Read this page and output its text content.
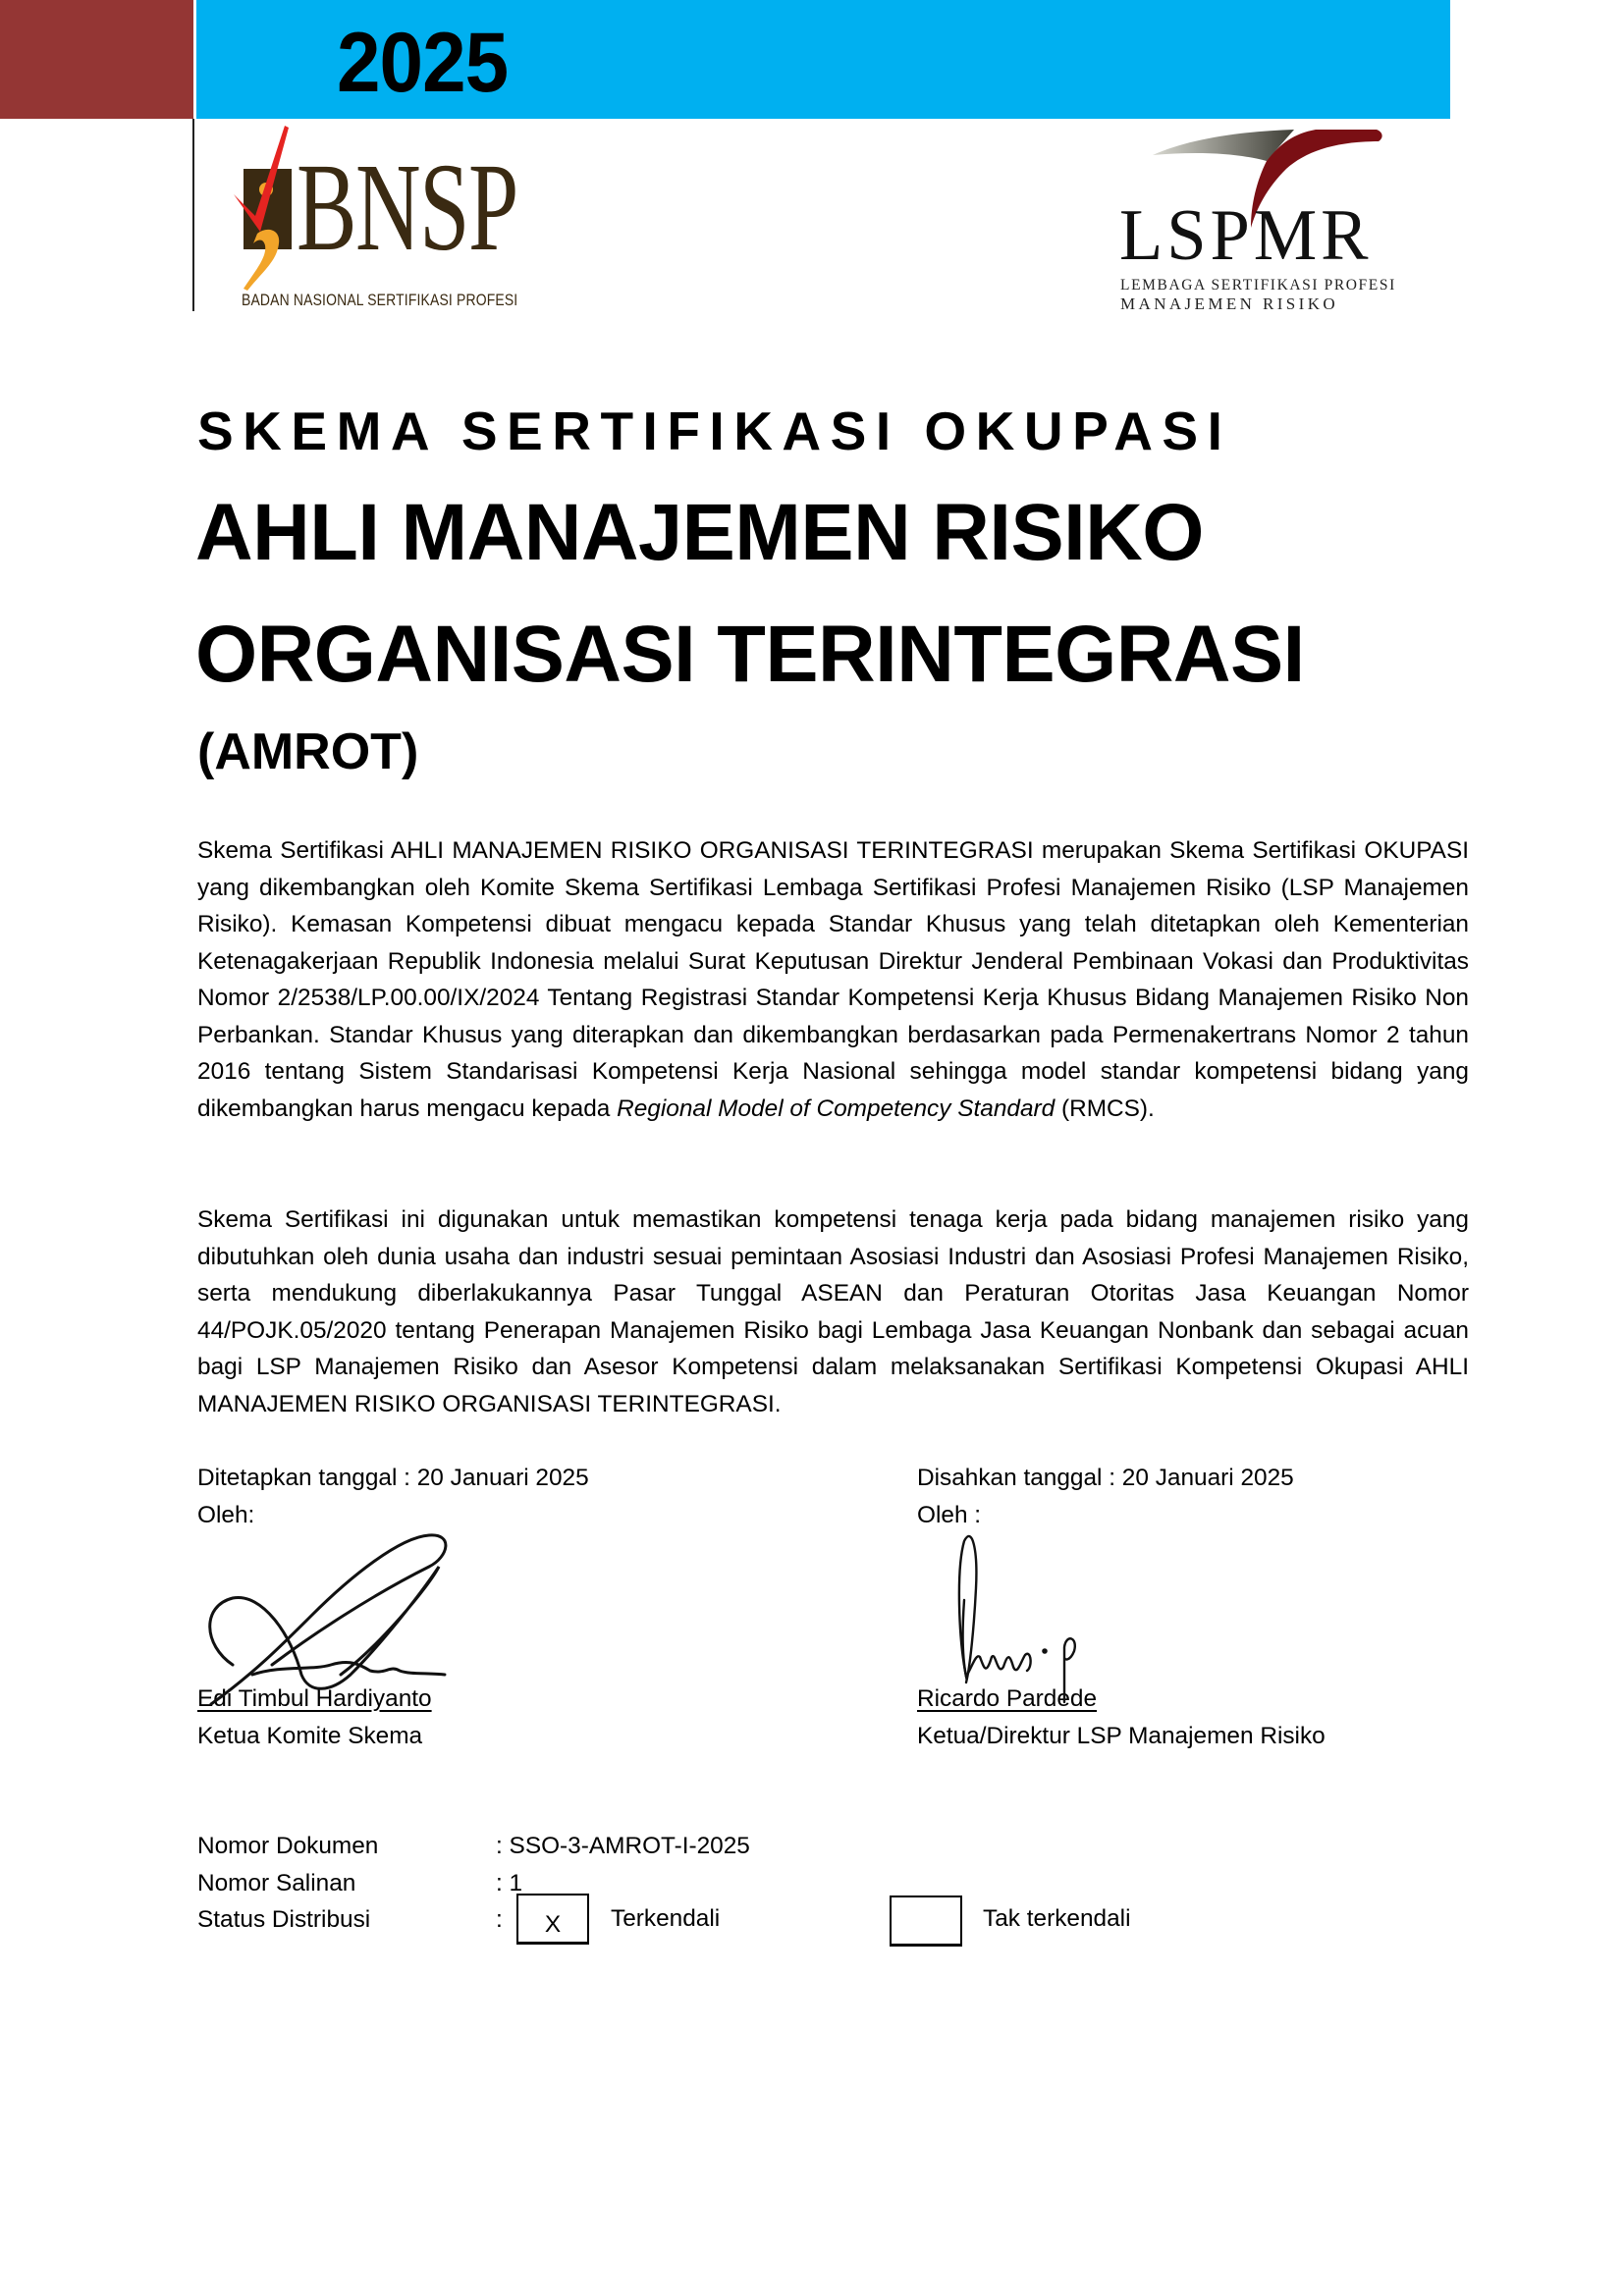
2025
BNSP
BADAN NASIONAL SERTIFIKASI PROFESI
LSPMR
LEMBAGA SERTIFIKASI PROFESI
MANAJEMEN RISIKO
SKEMA SERTIFIKASI OKUPASI
AHLI MANAJEMEN RISIKO
ORGANISASI TERINTEGRASI
(AMROT)
Skema Sertifikasi AHLI MANAJEMEN RISIKO ORGANISASI TERINTEGRASI merupakan Skema Sertifikasi OKUPASI yang dikembangkan oleh Komite Skema Sertifikasi Lembaga Sertifikasi Profesi Manajemen Risiko (LSP Manajemen Risiko). Kemasan Kompetensi dibuat mengacu kepada Standar Khusus yang telah ditetapkan oleh Kementerian Ketenagakerjaan Republik Indonesia melalui Surat Keputusan Direktur Jenderal Pembinaan Vokasi dan Produktivitas Nomor 2/2538/LP.00.00/IX/2024 Tentang Registrasi Standar Kompetensi Kerja Khusus Bidang Manajemen Risiko Non Perbankan. Standar Khusus yang diterapkan dan dikembangkan berdasarkan pada Permenakertrans Nomor 2 tahun 2016 tentang Sistem Standarisasi Kompetensi Kerja Nasional sehingga model standar kompetensi bidang yang dikembangkan harus mengacu kepada Regional Model of Competency Standard (RMCS).
Skema Sertifikasi ini digunakan untuk memastikan kompetensi tenaga kerja pada bidang manajemen risiko yang dibutuhkan oleh dunia usaha dan industri sesuai pemintaan Asosiasi Industri dan Asosiasi Profesi Manajemen Risiko, serta mendukung diberlakukannya Pasar Tunggal ASEAN dan Peraturan Otoritas Jasa Keuangan Nomor 44/POJK.05/2020 tentang Penerapan Manajemen Risiko bagi Lembaga Jasa Keuangan Nonbank dan sebagai acuan bagi LSP Manajemen Risiko dan Asesor Kompetensi dalam melaksanakan Sertifikasi Kompetensi Okupasi AHLI MANAJEMEN RISIKO ORGANISASI TERINTEGRASI.
Ditetapkan tanggal : 20 Januari 2025
Oleh:
Edi Timbul Hardiyanto
Ketua Komite Skema
Disahkan tanggal : 20 Januari 2025
Oleh :
Ricardo Pardede
Ketua/Direktur LSP Manajemen Risiko
Nomor Dokumen	: SSO-3-AMROT-I-2025
Nomor Salinan	: 1
Status Distribusi	:	X	Terkendali	Tak terkendali
